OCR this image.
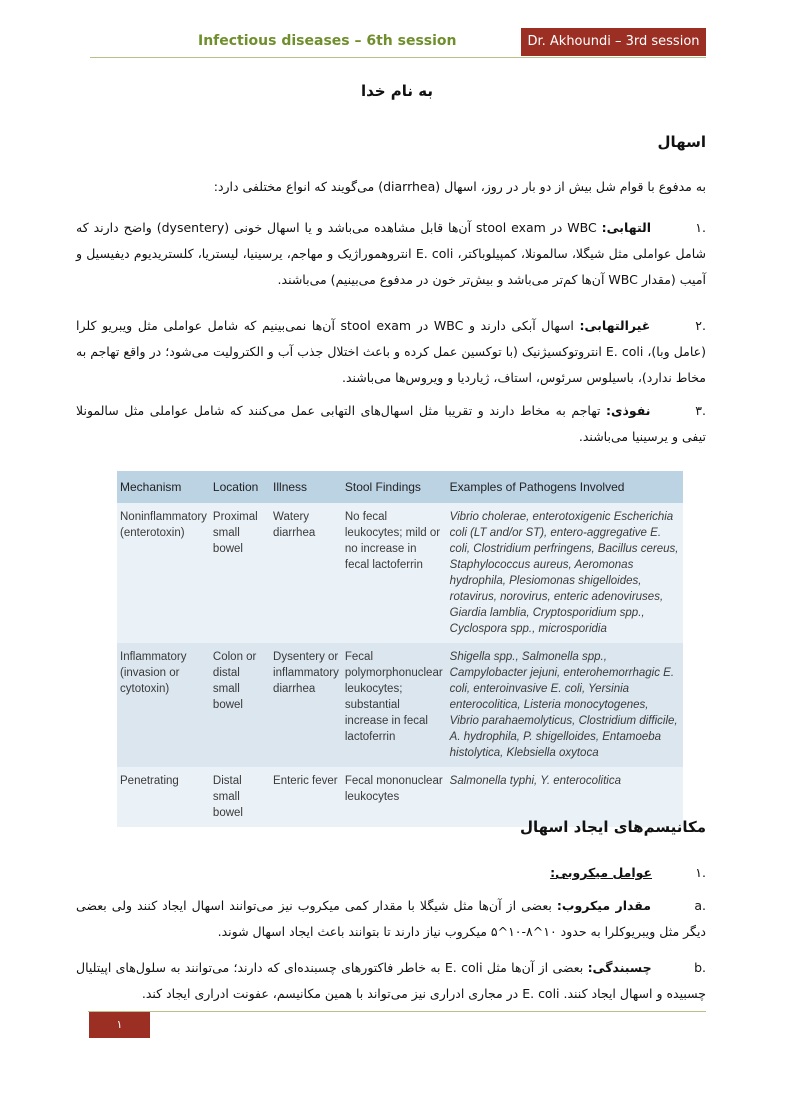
Infectious diseases – 6th session	Dr. Akhoundi – 3rd session
به نام خدا
اسهال
به مدفوع با قوام شل بیش از دو بار در روز، اسهال (diarrhea) می‌گویند که انواع مختلفی دارد:
.۱ التهابی: WBC در stool exam آن‌ها قابل مشاهده می‌باشد و یا اسهال خونی (dysentery) واضح دارند که شامل عواملی مثل شیگلا، سالمونلا، کمپیلوباکتر، E. coli انتروهموراژیک و مهاجم، یرسینیا، لیستریا، کلستریدیوم دیفیسیل و آمیب (مقدار WBC آن‌ها کم‌تر می‌باشد و بیش‌تر خون در مدفوع می‌بینیم) می‌باشند.
.۲ غیرالتهابی: اسهال آبکی دارند و WBC در stool exam آن‌ها نمی‌بینیم که شامل عواملی مثل ویبریو کلرا (عامل وبا)، E. coli انتروتوکسیژنیک (با توکسین عمل کرده و باعث اختلال جذب آب و الکترولیت می‌شود؛ در واقع تهاجم به مخاط ندارد)، باسیلوس سرئوس، استاف، ژیاردیا و ویروس‌ها می‌باشند.
.۳ نفوذی: تهاجم به مخاط دارند و تقریبا مثل اسهال‌های التهابی عمل می‌کنند که شامل عواملی مثل سالمونلا تیفی و یرسینیا می‌باشند.
Mechanism	Location	Illness	Stool Findings	Examples of Pathogens Involved
Noninflammatory (enterotoxin)	Proximal small bowel	Watery diarrhea	No fecal leukocytes; mild or no increase in fecal lactoferrin	Vibrio cholerae, enterotoxigenic Escherichia coli (LT and/or ST), entero-aggregative E. coli, Clostridium perfringens, Bacillus cereus, Staphylococcus aureus, Aeromonas hydrophila, Plesiomonas shigelloides, rotavirus, norovirus, enteric adenoviruses, Giardia lamblia, Cryptosporidium spp., Cyclospora spp., microsporidia
Inflammatory (invasion or cytotoxin)	Colon or distal small bowel	Dysentery or inflammatory diarrhea	Fecal polymorphonuclear leukocytes; substantial increase in fecal lactoferrin	Shigella spp., Salmonella spp., Campylobacter jejuni, enterohemorrhagic E. coli, enteroinvasive E. coli, Yersinia enterocolitica, Listeria monocytogenes, Vibrio parahaemolyticus, Clostridium difficile, A. hydrophila, P. shigelloides, Entamoeba histolytica, Klebsiella oxytoca
Penetrating	Distal small bowel	Enteric fever	Fecal mononuclear leukocytes	Salmonella typhi, Y. enterocolitica
مکانیسم‌های ایجاد اسهال
.۱ عوامل میکروبی:
.a مقدار میکروب: بعضی از آن‌ها مثل شیگلا با مقدار کمی میکروب نیز می‌توانند اسهال ایجاد کنند ولی بعضی دیگر مثل ویبریوکلرا به حدود ۱۰^۸-۱۰^۵ میکروب نیاز دارند تا بتوانند باعث ایجاد اسهال شوند.
.b چسبندگی: بعضی از آن‌ها مثل E. coli به خاطر فاکتورهای چسبنده‌ای که دارند؛ می‌توانند به سلول‌های اپیتلیال چسبیده و اسهال ایجاد کنند. E. coli در مجاری ادراری نیز می‌تواند با همین مکانیسم، عفونت ادراری ایجاد کند.
۱
